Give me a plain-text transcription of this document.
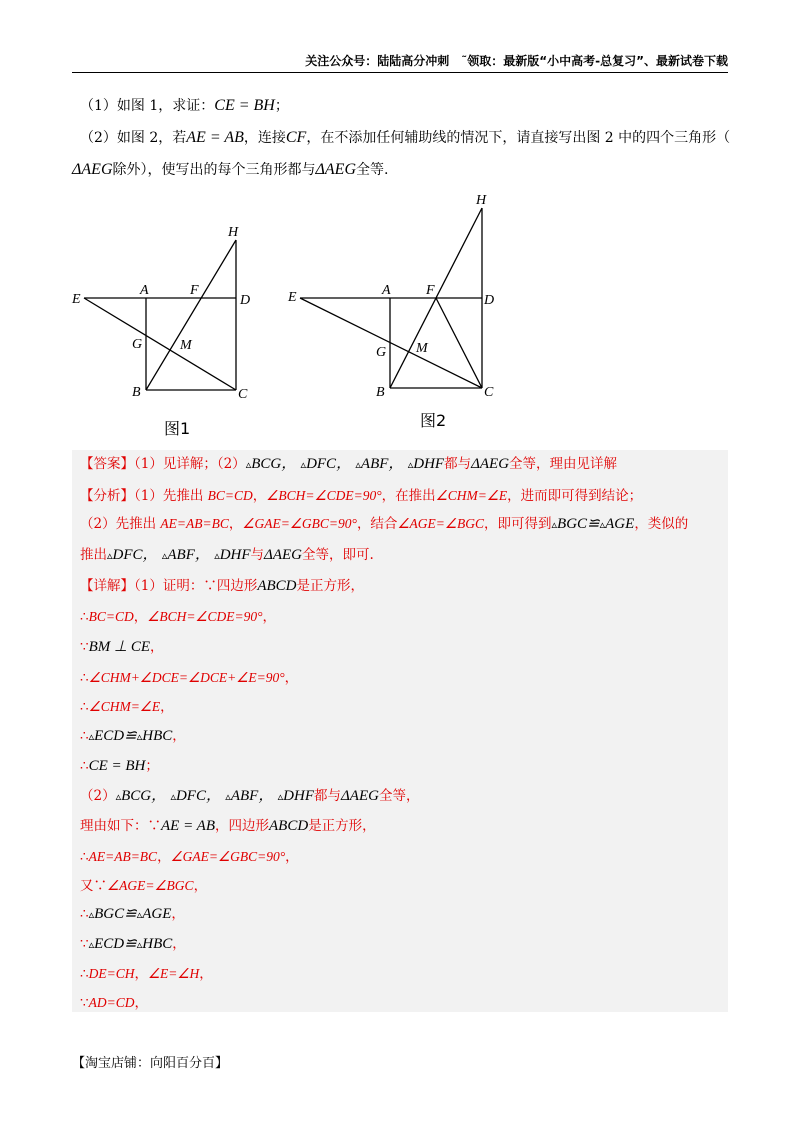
关注公众号：陆陆高分冲刺　˜领取：最新版“小中高考-总复习”、最新试卷下载
（1）如图 1，求证：CE = BH；
（2）如图 2，若AE = AB，连接CF，在不添加任何辅助线的情况下，请直接写出图 2 中的四个三角形（
ΔAEG除外），使写出的每个三角形都与ΔAEG全等.
E
A	F
D
H
G	M
B	C
图1
E	A	F
D
H
G M
B	C
图2
【答案】（1）见详解；（2）▵BCG， ▵DFC， ▵ABF， ▵DHF都与ΔAEG全等，理由见详解
【分析】（1）先推出 BC=CD，∠BCH=∠CDE=90°，在推出∠CHM=∠E，进而即可得到结论；
（2）先推出 AE=AB=BC，∠GAE=∠GBC=90°，结合∠AGE=∠BGC，即可得到▵BGC≌▵AGE，类似的
推出▵DFC， ▵ABF， ▵DHF与ΔAEG全等，即可.
【详解】（1）证明：∵四边形ABCD是正方形，
∴BC=CD，∠BCH=∠CDE=90°，
∵BM ⊥ CE，
∴∠CHM+∠DCE=∠DCE+∠E=90°，
∴∠CHM=∠E，
∴▵ECD≌▵HBC，
∴CE = BH；
（2）▵BCG， ▵DFC， ▵ABF， ▵DHF都与ΔAEG全等，
理由如下：∵AE = AB，四边形ABCD是正方形，
∴AE=AB=BC，∠GAE=∠GBC=90°，
又∵∠AGE=∠BGC，
∴▵BGC≌▵AGE，
∵▵ECD≌▵HBC，
∴DE=CH，∠E=∠H，
∵AD=CD，
【淘宝店铺：向阳百分百】
